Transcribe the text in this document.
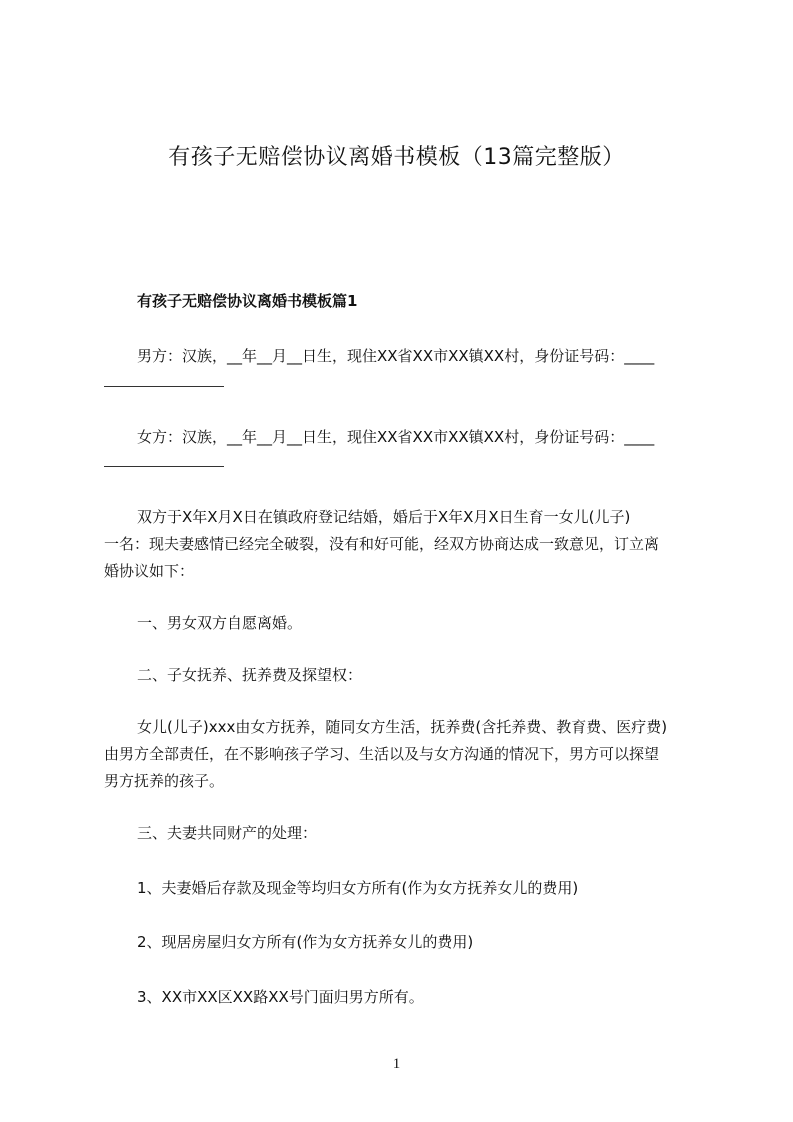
有孩子无赔偿协议离婚书模板（13篇完整版）
有孩子无赔偿协议离婚书模板篇1
男方：汉族，__年__月__日生，现住XX省XX市XX镇XX村，身份证号码：____
女方：汉族，__年__月__日生，现住XX省XX市XX镇XX村，身份证号码：____
双方于X年X月X日在镇政府登记结婚，婚后于X年X月X日生育一女儿(儿子)
一名：现夫妻感情已经完全破裂，没有和好可能，经双方协商达成一致意见，订立离
婚协议如下：
一、男女双方自愿离婚。
二、子女抚养、抚养费及探望权：
女儿(儿子)xxx由女方抚养，随同女方生活，抚养费(含托养费、教育费、医疗费)
由男方全部责任，在不影响孩子学习、生活以及与女方沟通的情况下，男方可以探望
男方抚养的孩子。
三、夫妻共同财产的处理：
1、夫妻婚后存款及现金等均归女方所有(作为女方抚养女儿的费用)
2、现居房屋归女方所有(作为女方抚养女儿的费用)
3、XX市XX区XX路XX号门面归男方所有。
1
